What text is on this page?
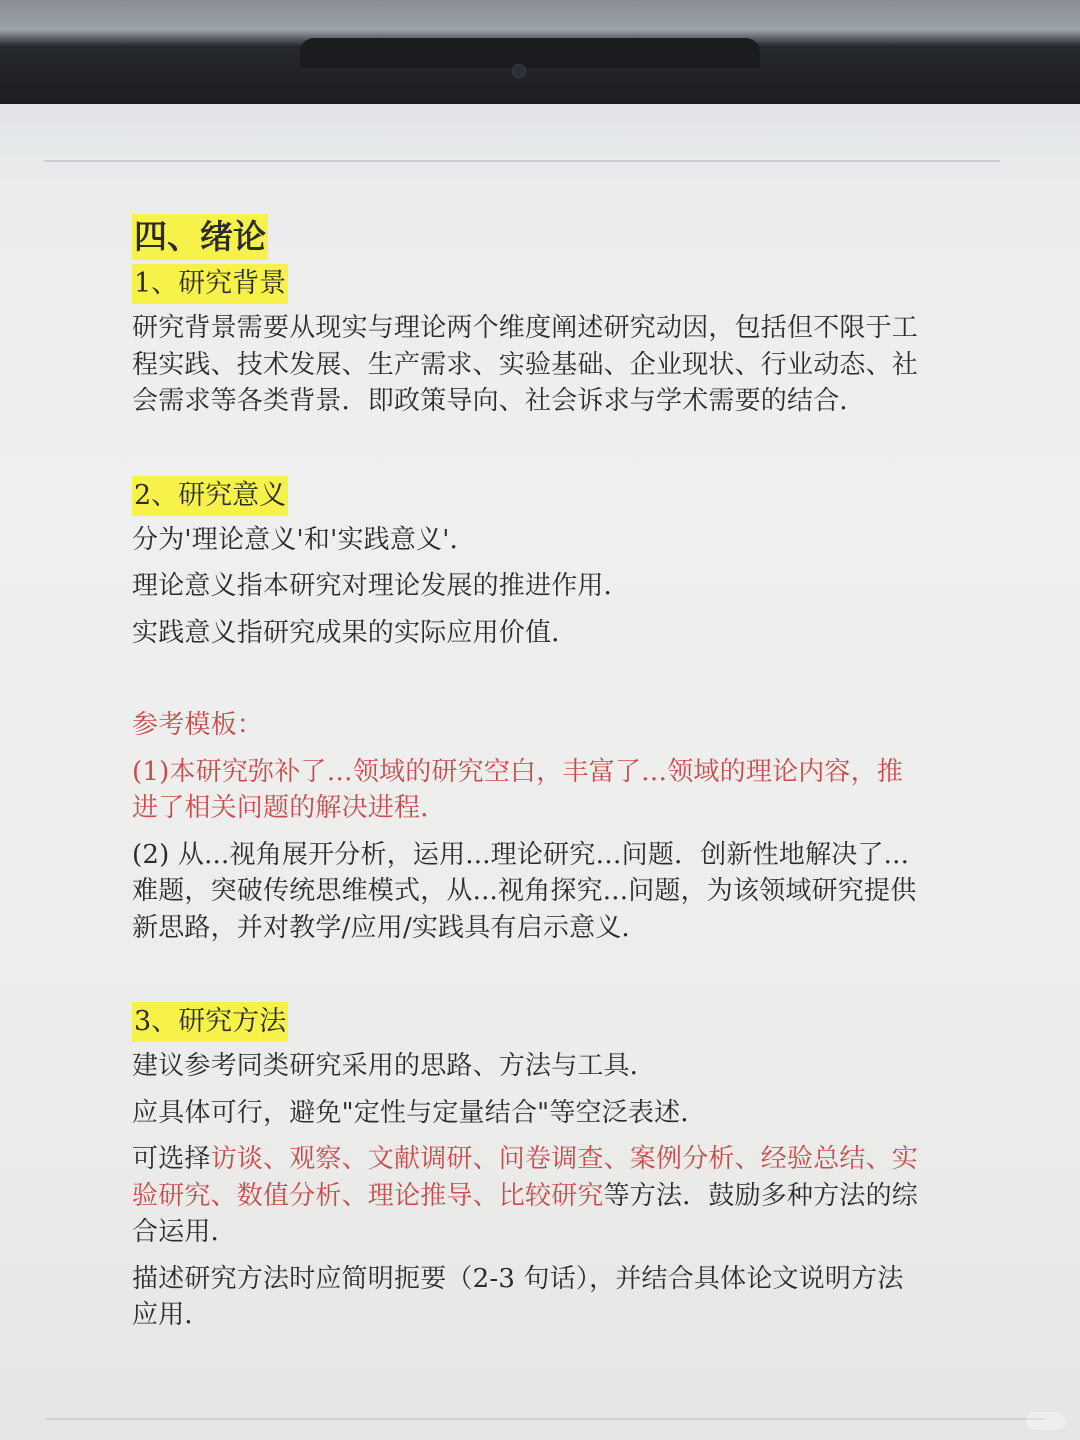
四、绪论
1、研究背景

研究背景需要从现实与理论两个维度阐述研究动因，包括但不限于工程实践、技术发展、生产需求、实验基础、企业现状、行业动态、社会需求等各类背景．即政策导向、社会诉求与学术需要的结合．

2、研究意义

分为'理论意义'和'实践意义'．

理论意义指本研究对理论发展的推进作用．

实践意义指研究成果的实际应用价值．

参考模板：

(1)本研究弥补了…领域的研究空白，丰富了…领域的理论内容，推进了相关问题的解决进程．

(2) 从...视角展开分析，运用...理论研究…问题．创新性地解决了...难题，突破传统思维模式，从...视角探究...问题，为该领域研究提供新思路，并对教学/应用/实践具有启示意义．

3、研究方法

建议参考同类研究采用的思路、方法与工具．

应具体可行，避免"定性与定量结合"等空泛表述．

可选择访谈、观察、文献调研、问卷调查、案例分析、经验总结、实验研究、数值分析、理论推导、比较研究等方法．鼓励多种方法的综合运用．

描述研究方法时应简明扼要（2-3 句话），并结合具体论文说明方法应用．
